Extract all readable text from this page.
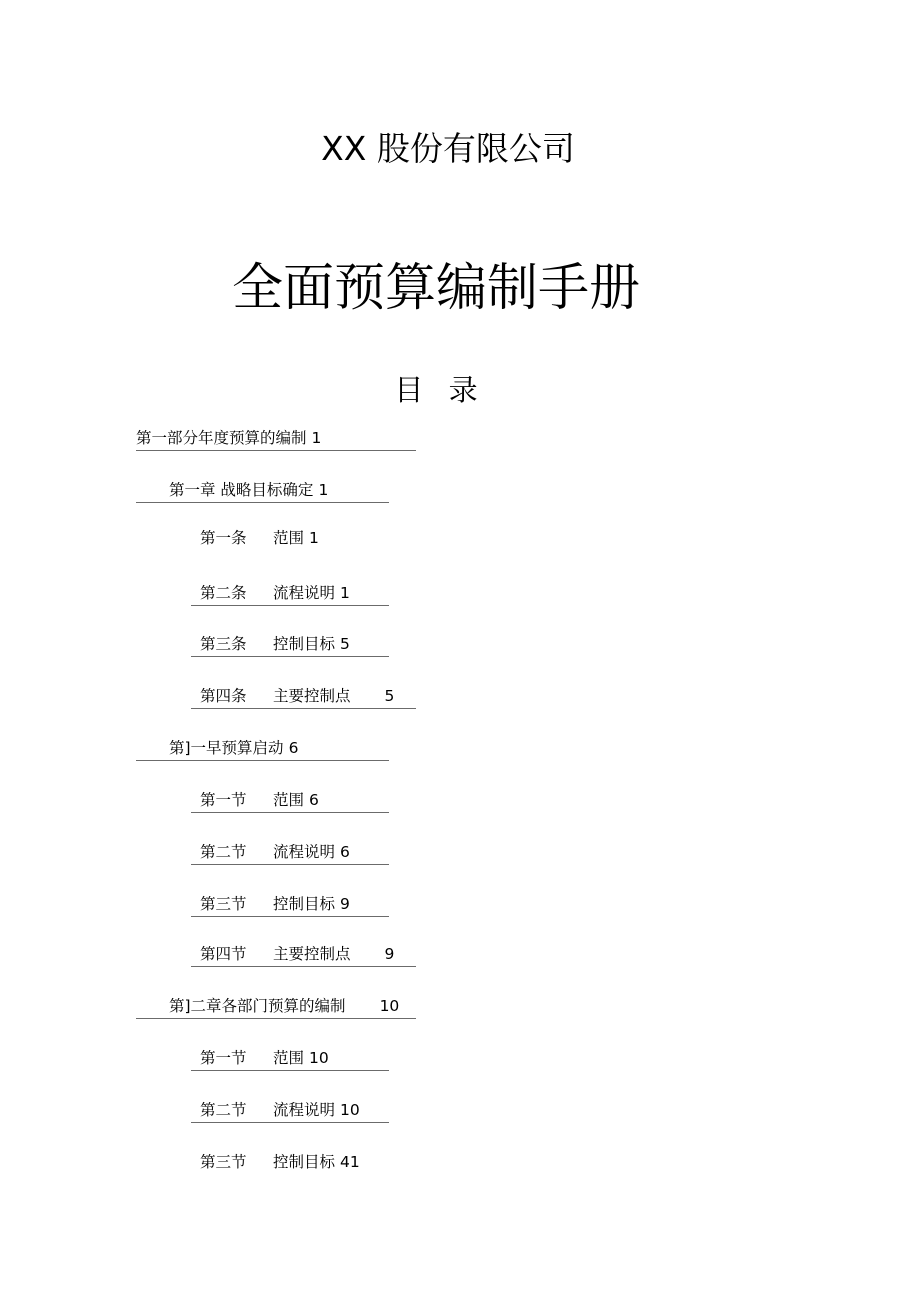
XX 股份有限公司
全面预算编制手册
目 录
第一部分年度预算的编制 1
第一章 战略目标确定 1
第一条 范围 1
第二条 流程说明 1
第三条 控制目标 5
第四条 主要控制点 5
第]一早预算启动 6
第一节 范围 6
第二节 流程说明 6
第三节 控制目标 9
第四节 主要控制点 9
第]二章各部门预算的编制 10
第一节 范围 10
第二节 流程说明 10
第三节 控制目标 41
